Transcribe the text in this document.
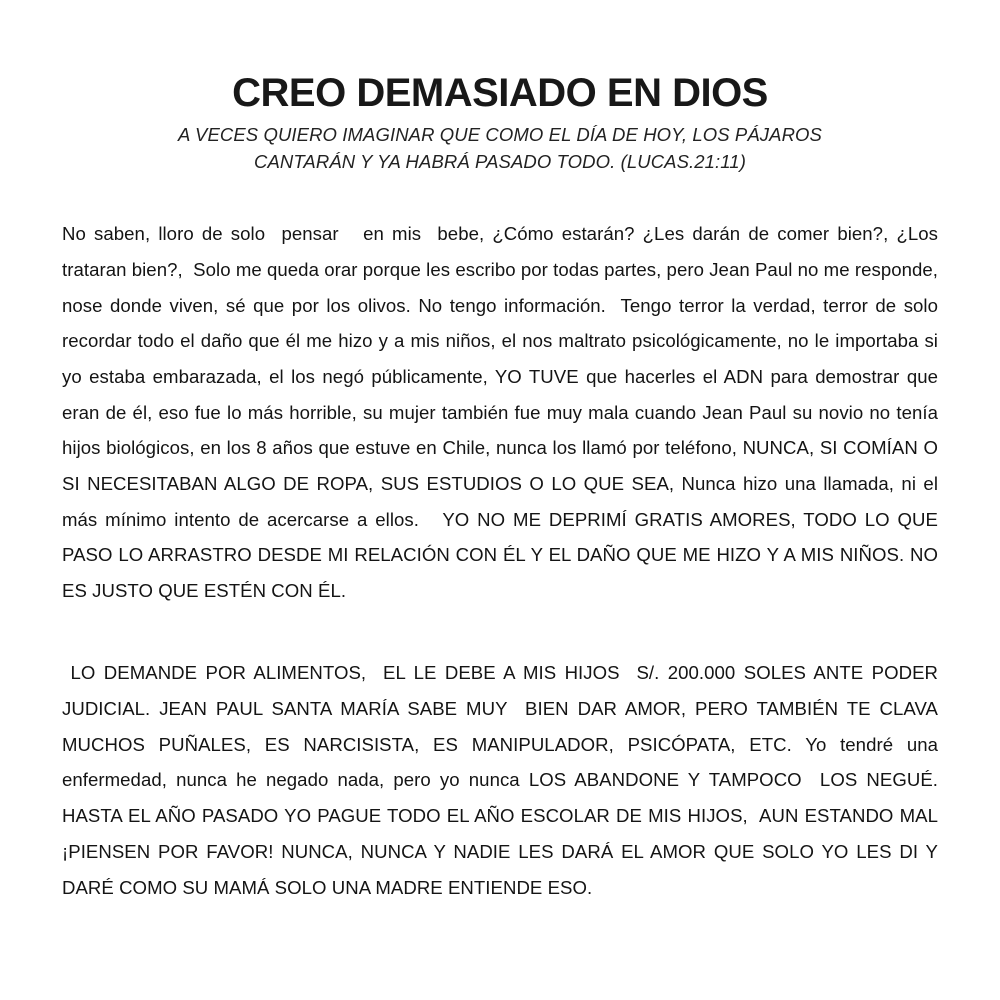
CREO DEMASIADO EN DIOS
A VECES QUIERO IMAGINAR QUE COMO EL DÍA DE HOY, LOS PÁJAROS CANTARÁN Y YA HABRÁ PASADO TODO. (LUCAS.21:11)

No saben, lloro de solo  pensar   en mis  bebe, ¿Cómo estarán? ¿Les darán de comer bien?, ¿Los trataran bien?,  Solo me queda orar porque les escribo por todas partes, pero Jean Paul no me responde, nose donde viven, sé que por los olivos. No tengo información.  Tengo terror la verdad, terror de solo recordar todo el daño que él me hizo y a mis niños, el nos maltrato psicológicamente, no le importaba si yo estaba embarazada, el los negó públicamente, YO TUVE que hacerles el ADN para demostrar que eran de él, eso fue lo más horrible, su mujer también fue muy mala cuando Jean Paul su novio no tenía hijos biológicos, en los 8 años que estuve en Chile, nunca los llamó por teléfono, NUNCA, SI COMÍAN O SI NECESITABAN ALGO DE ROPA, SUS ESTUDIOS O LO QUE SEA, Nunca hizo una llamada, ni el más mínimo intento de acercarse a ellos.   YO NO ME DEPRIMÍ GRATIS AMORES, TODO LO QUE PASO LO ARRASTRO DESDE MI RELACIÓN CON ÉL Y EL DAÑO QUE ME HIZO Y A MIS NIÑOS. NO ES JUSTO QUE ESTÉN CON ÉL.

LO DEMANDE POR ALIMENTOS,  EL LE DEBE A MIS HIJOS  S/. 200.000 SOLES ANTE PODER JUDICIAL. JEAN PAUL SANTA MARÍA SABE MUY  BIEN DAR AMOR, PERO TAMBIÉN TE CLAVA MUCHOS PUÑALES, ES NARCISISTA, ES MANIPULADOR, PSICÓPATA, ETC. Yo tendré una enfermedad, nunca he negado nada, pero yo nunca LOS ABANDONE Y TAMPOCO  LOS NEGUÉ.  HASTA EL AÑO PASADO YO PAGUE TODO EL AÑO ESCOLAR DE MIS HIJOS,  AUN ESTANDO MAL ¡PIENSEN POR FAVOR! NUNCA, NUNCA Y NADIE LES DARÁ EL AMOR QUE SOLO YO LES DI Y DARÉ COMO SU MAMÁ SOLO UNA MADRE ENTIENDE ESO.
